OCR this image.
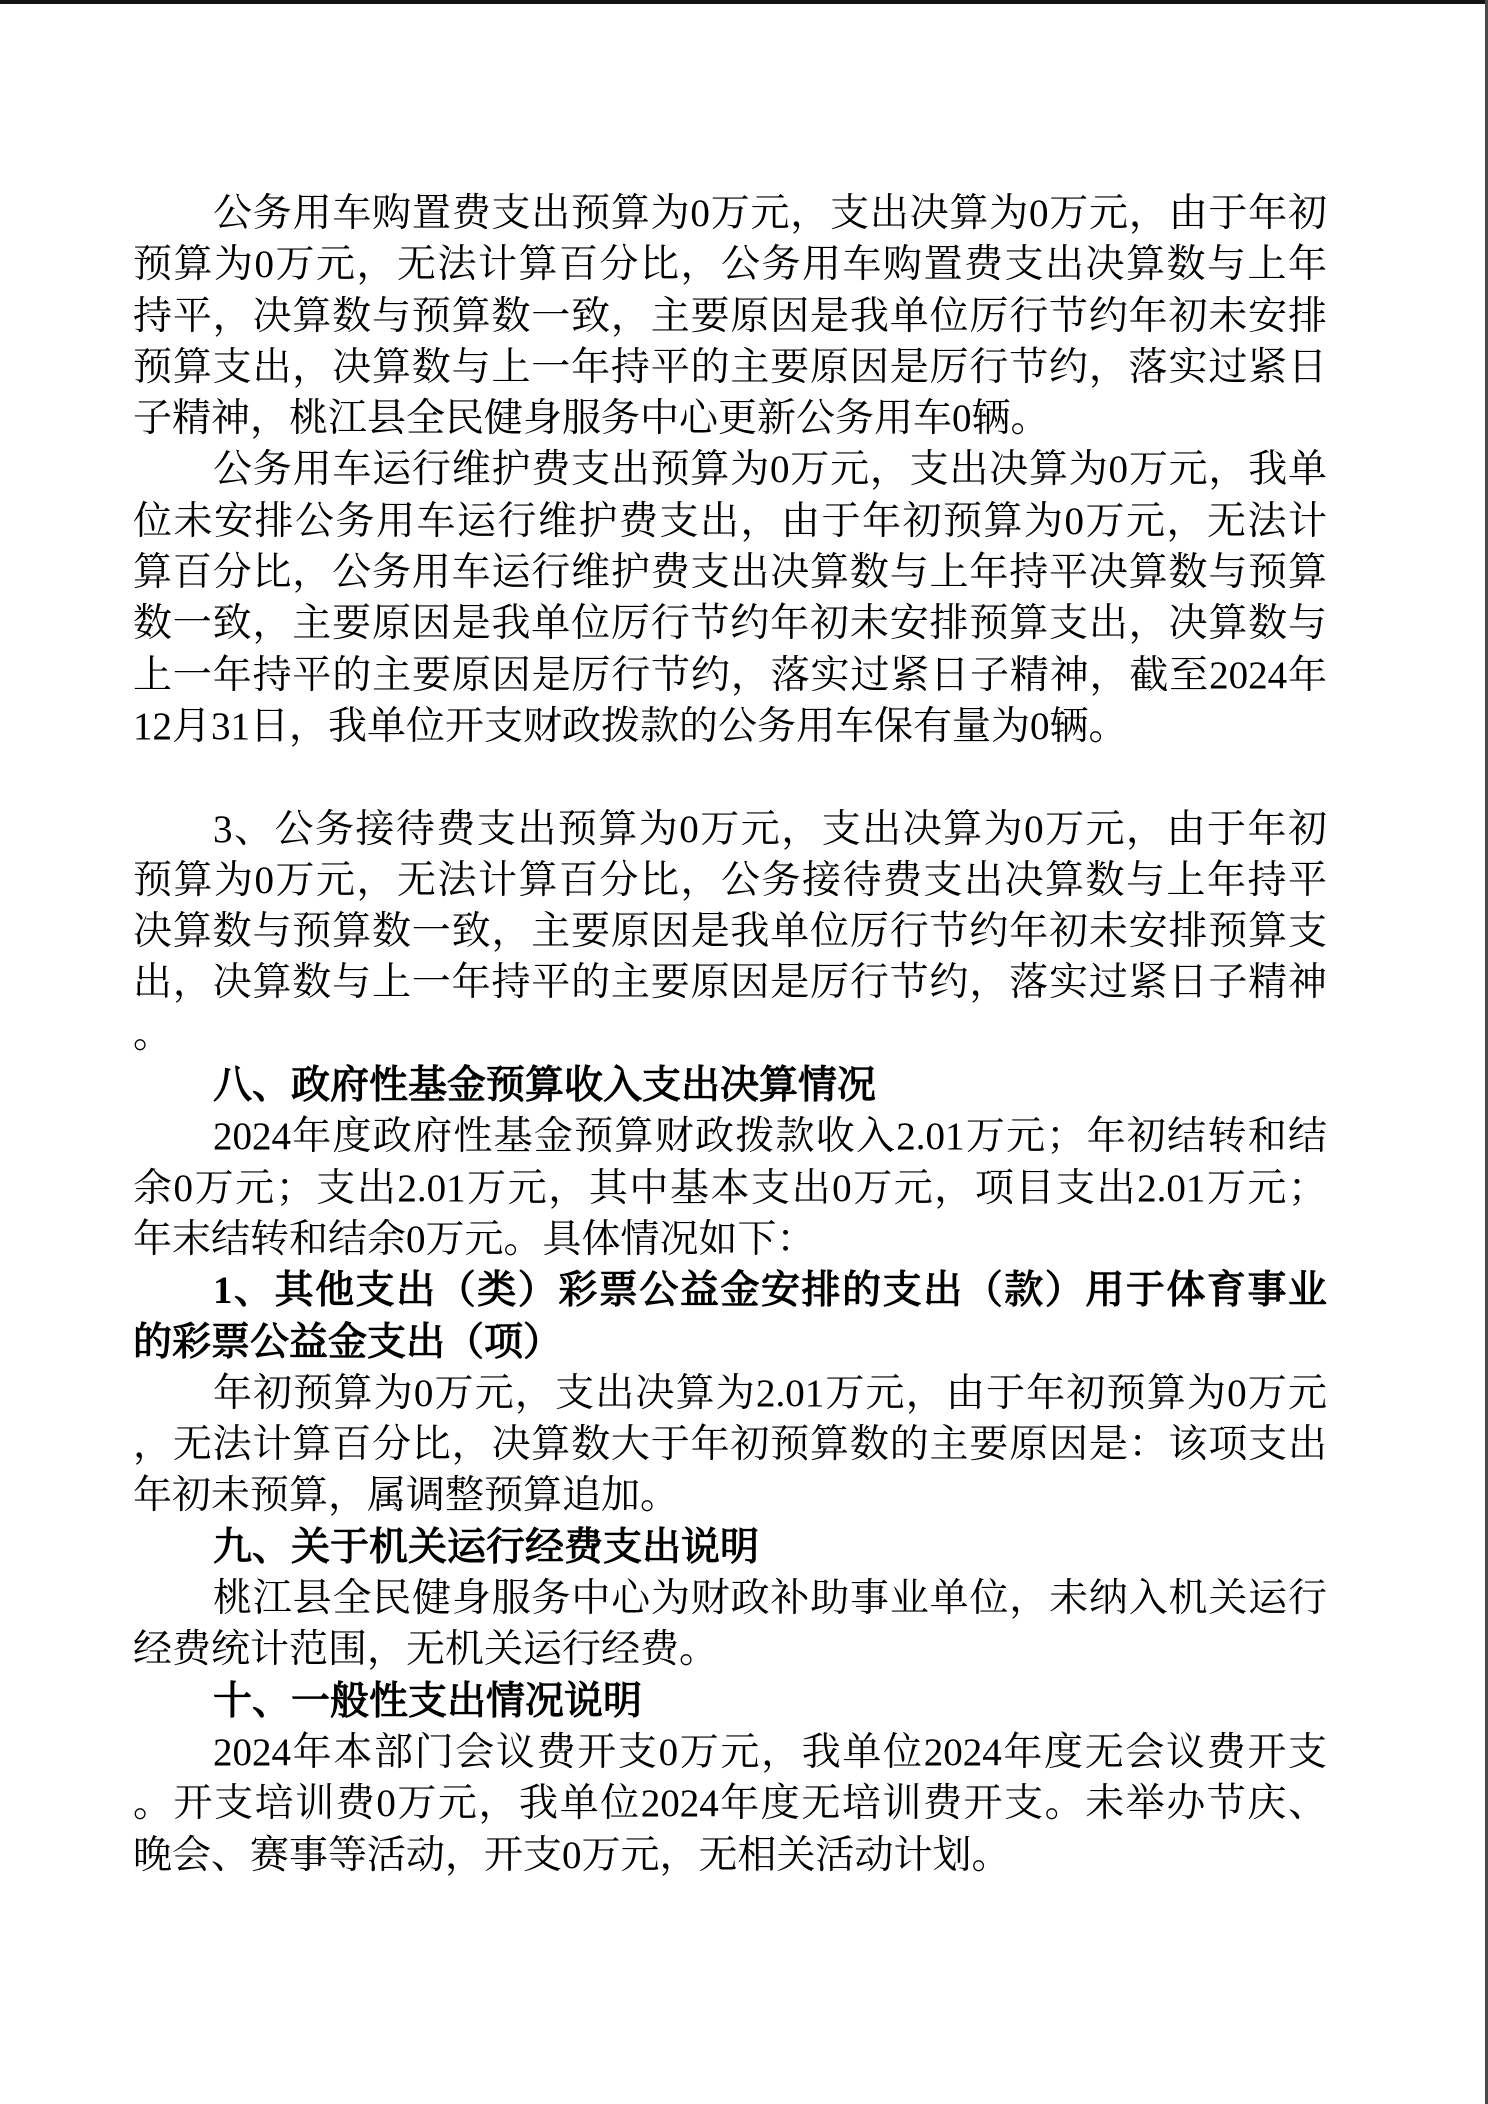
公务用车购置费支出预算为0万元，支出决算为0万元，由于年初
预算为0万元，无法计算百分比，公务用车购置费支出决算数与上年
持平，决算数与预算数一致，主要原因是我单位厉行节约年初未安排
预算支出，决算数与上一年持平的主要原因是厉行节约，落实过紧日
子精神，桃江县全民健身服务中心更新公务用车0辆。
公务用车运行维护费支出预算为0万元，支出决算为0万元，我单
位未安排公务用车运行维护费支出，由于年初预算为0万元，无法计
算百分比，公务用车运行维护费支出决算数与上年持平决算数与预算
数一致，主要原因是我单位厉行节约年初未安排预算支出，决算数与
上一年持平的主要原因是厉行节约，落实过紧日子精神，截至2024年
12月31日，我单位开支财政拨款的公务用车保有量为0辆。
3、公务接待费支出预算为0万元，支出决算为0万元，由于年初
预算为0万元，无法计算百分比，公务接待费支出决算数与上年持平
决算数与预算数一致，主要原因是我单位厉行节约年初未安排预算支
出，决算数与上一年持平的主要原因是厉行节约，落实过紧日子精神
。
八、政府性基金预算收入支出决算情况
2024年度政府性基金预算财政拨款收入2.01万元；年初结转和结
余0万元；支出2.01万元，其中基本支出0万元，项目支出2.01万元；
年末结转和结余0万元。具体情况如下：
1、其他支出（类）彩票公益金安排的支出（款）用于体育事业
的彩票公益金支出（项）
年初预算为0万元，支出决算为2.01万元，由于年初预算为0万元
，无法计算百分比，决算数大于年初预算数的主要原因是：该项支出
年初未预算，属调整预算追加。
九、关于机关运行经费支出说明
桃江县全民健身服务中心为财政补助事业单位，未纳入机关运行
经费统计范围，无机关运行经费。
十、一般性支出情况说明
2024年本部门会议费开支0万元，我单位2024年度无会议费开支
。开支培训费0万元，我单位2024年度无培训费开支。未举办节庆、
晚会、赛事等活动，开支0万元，无相关活动计划。
